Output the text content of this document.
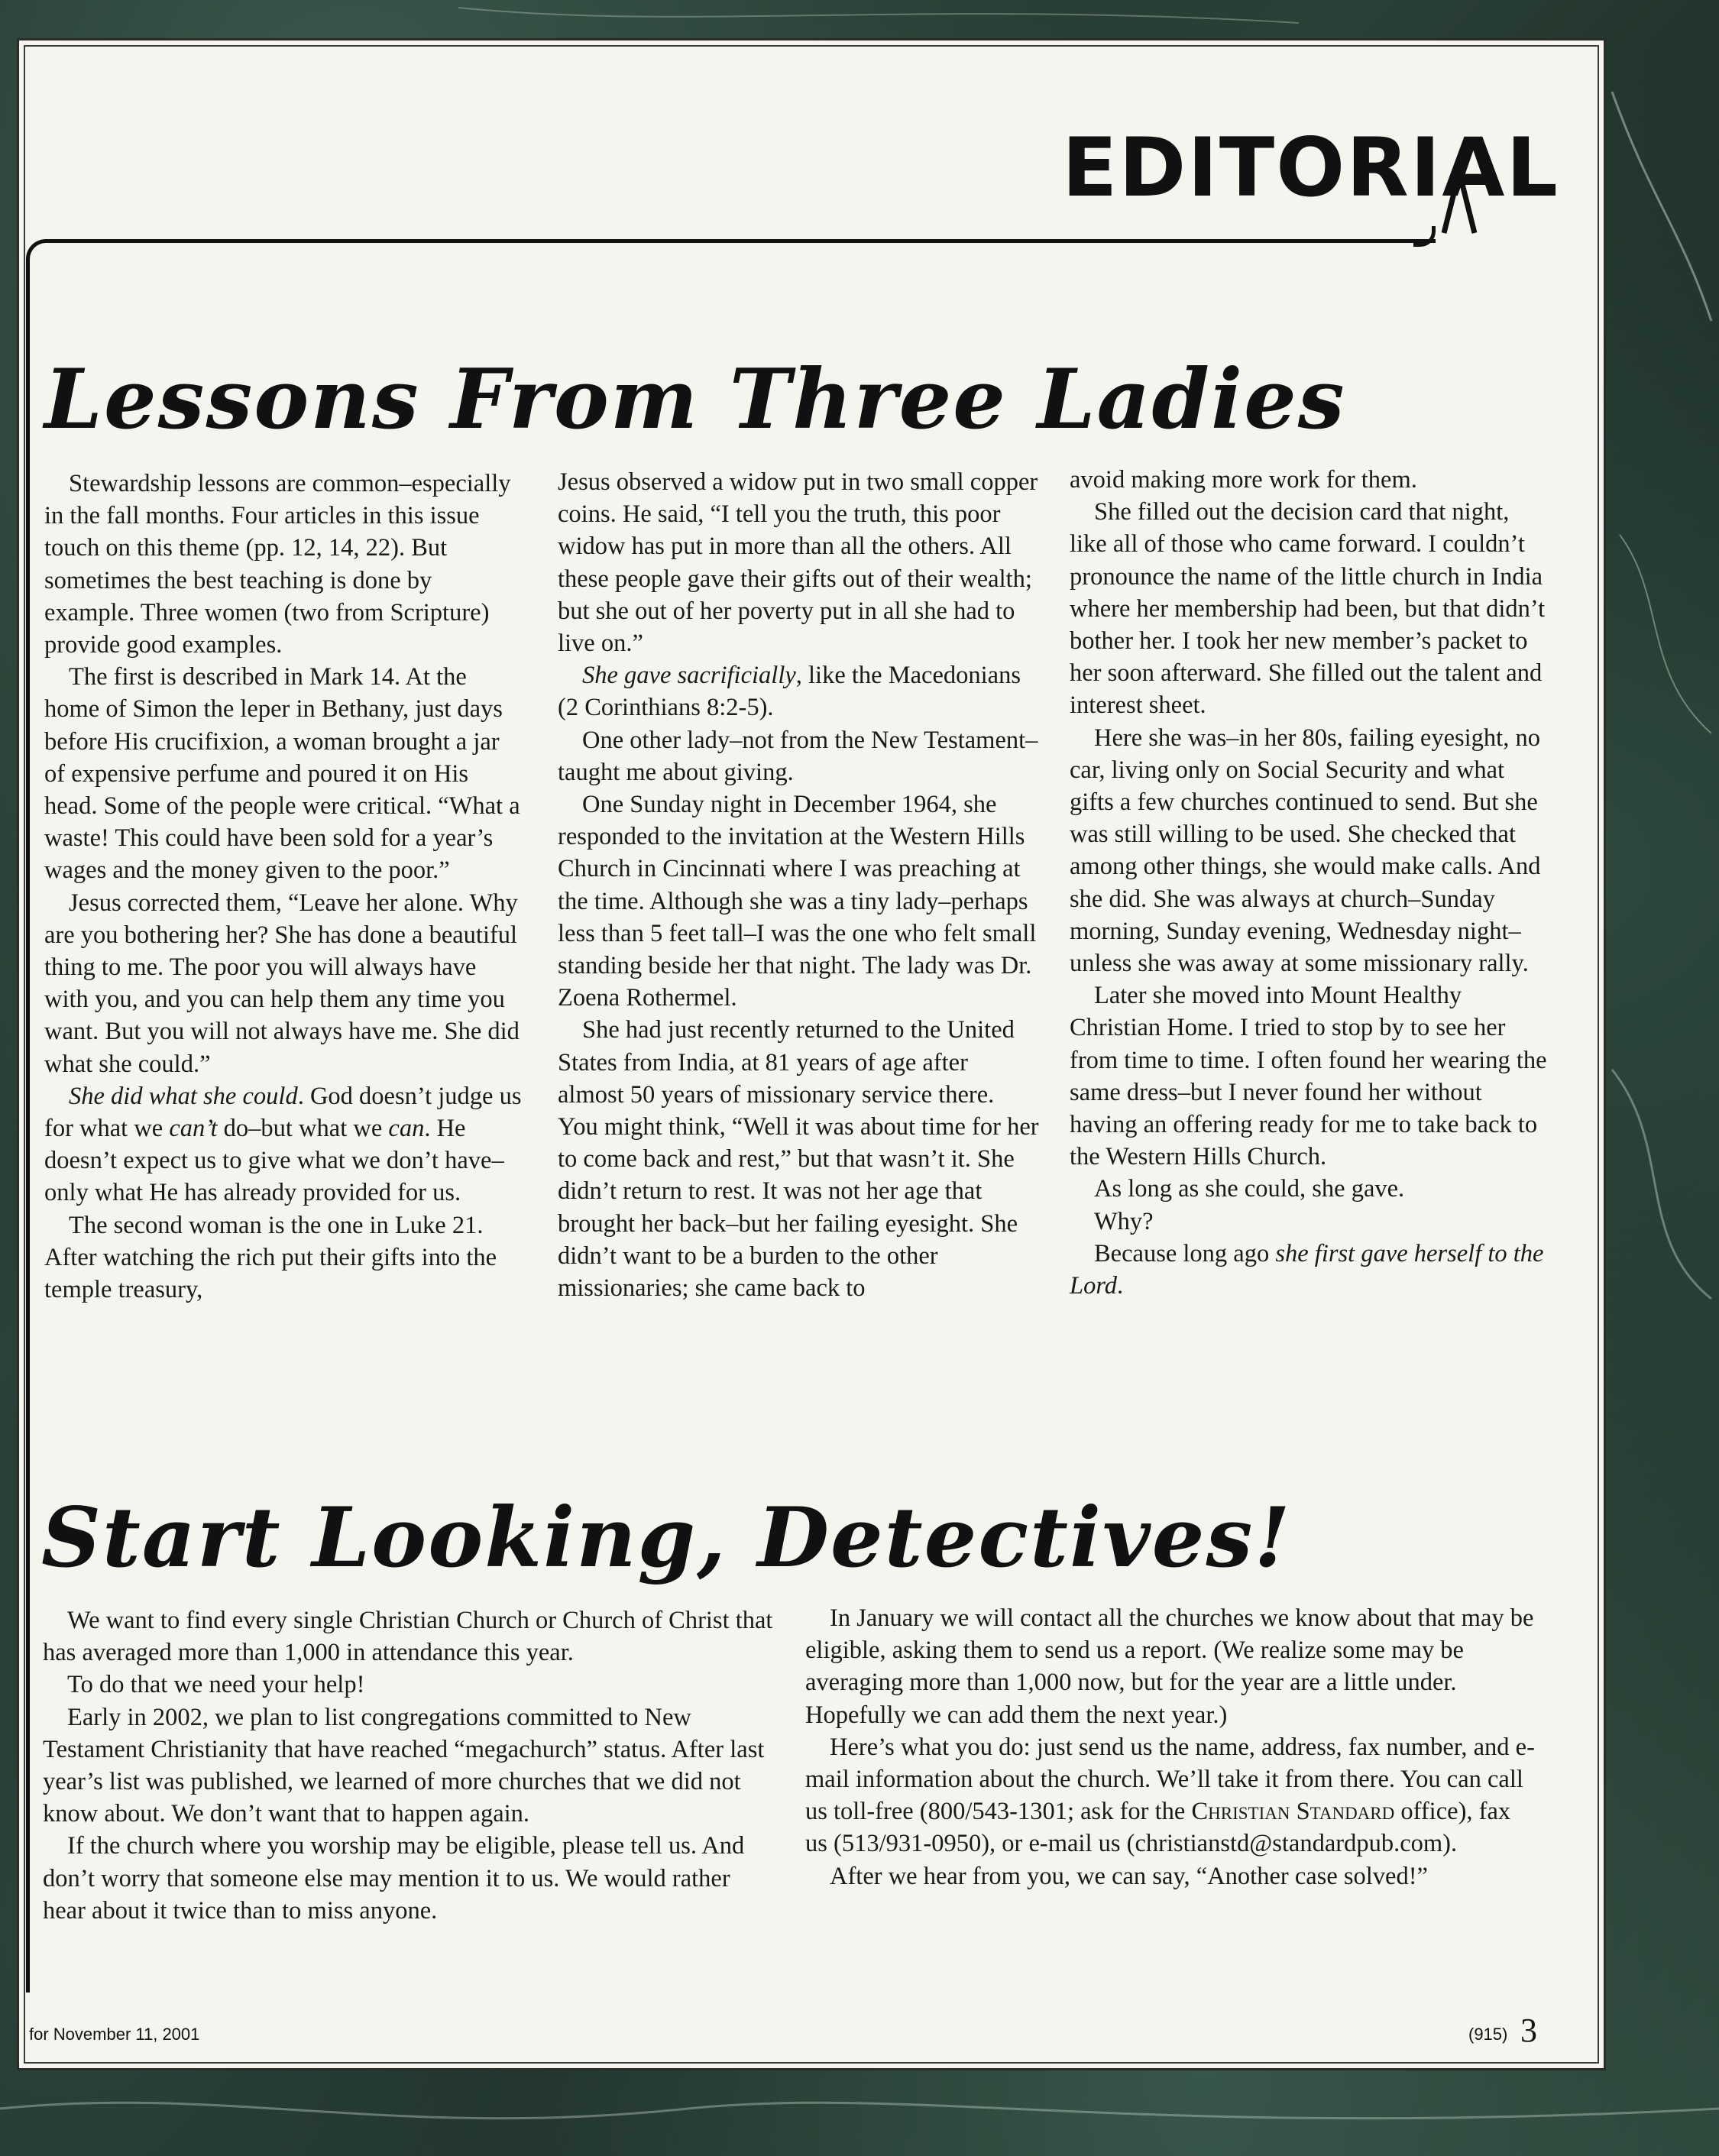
EDITORIAL
Lessons From Three Ladies

Stewardship lessons are common–especially in the fall months. Four articles in this issue touch on this theme (pp. 12, 14, 22). But sometimes the best teaching is done by example. Three women (two from Scripture) provide good examples.

The first is described in Mark 14. At the home of Simon the leper in Bethany, just days before His crucifixion, a woman brought a jar of expensive perfume and poured it on His head. Some of the people were critical. “What a waste! This could have been sold for a year’s wages and the money given to the poor.”

Jesus corrected them, “Leave her alone. Why are you bothering her? She has done a beautiful thing to me. The poor you will always have with you, and you can help them any time you want. But you will not always have me. She did what she could.”

She did what she could. God doesn’t judge us for what we can’t do–but what we can. He doesn’t expect us to give what we don’t have–only what He has already provided for us.

The second woman is the one in Luke 21. After watching the rich put their gifts into the temple treasury,

Jesus observed a widow put in two small copper coins. He said, “I tell you the truth, this poor widow has put in more than all the others. All these people gave their gifts out of their wealth; but she out of her poverty put in all she had to live on.”

She gave sacrificially, like the Macedonians (2 Corinthians 8:2-5).

One other lady–not from the New Testament–taught me about giving.

One Sunday night in December 1964, she responded to the invitation at the Western Hills Church in Cincinnati where I was preaching at the time. Although she was a tiny lady–perhaps less than 5 feet tall–I was the one who felt small standing beside her that night. The lady was Dr. Zoena Rothermel.

She had just recently returned to the United States from India, at 81 years of age after almost 50 years of missionary service there. You might think, “Well it was about time for her to come back and rest,” but that wasn’t it. She didn’t return to rest. It was not her age that brought her back–but her failing eyesight. She didn’t want to be a burden to the other missionaries; she came back to

avoid making more work for them.

She filled out the decision card that night, like all of those who came forward. I couldn’t pronounce the name of the little church in India where her membership had been, but that didn’t bother her. I took her new member’s packet to her soon afterward. She filled out the talent and interest sheet.

Here she was–in her 80s, failing eyesight, no car, living only on Social Security and what gifts a few churches continued to send. But she was still willing to be used. She checked that among other things, she would make calls. And she did. She was always at church–Sunday morning, Sunday evening, Wednesday night–unless she was away at some missionary rally.

Later she moved into Mount Healthy Christian Home. I tried to stop by to see her from time to time. I often found her wearing the same dress–but I never found her without having an offering ready for me to take back to the Western Hills Church.

As long as she could, she gave.

Why?

Because long ago she first gave herself to the Lord.

Start Looking, Detectives!

We want to find every single Christian Church or Church of Christ that has averaged more than 1,000 in attendance this year.

To do that we need your help!

Early in 2002, we plan to list congregations committed to New Testament Christianity that have reached “megachurch” status. After last year’s list was published, we learned of more churches that we did not know about. We don’t want that to happen again.

If the church where you worship may be eligible, please tell us. And don’t worry that someone else may mention it to us. We would rather hear about it twice than to miss anyone.

In January we will contact all the churches we know about that may be eligible, asking them to send us a report. (We realize some may be averaging more than 1,000 now, but for the year are a little under. Hopefully we can add them the next year.)

Here’s what you do: just send us the name, address, fax number, and e-mail information about the church. We’ll take it from there. You can call us toll-free (800/543-1301; ask for the Christian Standard office), fax us (513/931-0950), or e-mail us (christianstd@standardpub.com).

After we hear from you, we can say, “Another case solved!”

for November 11, 2001	(915) 3
